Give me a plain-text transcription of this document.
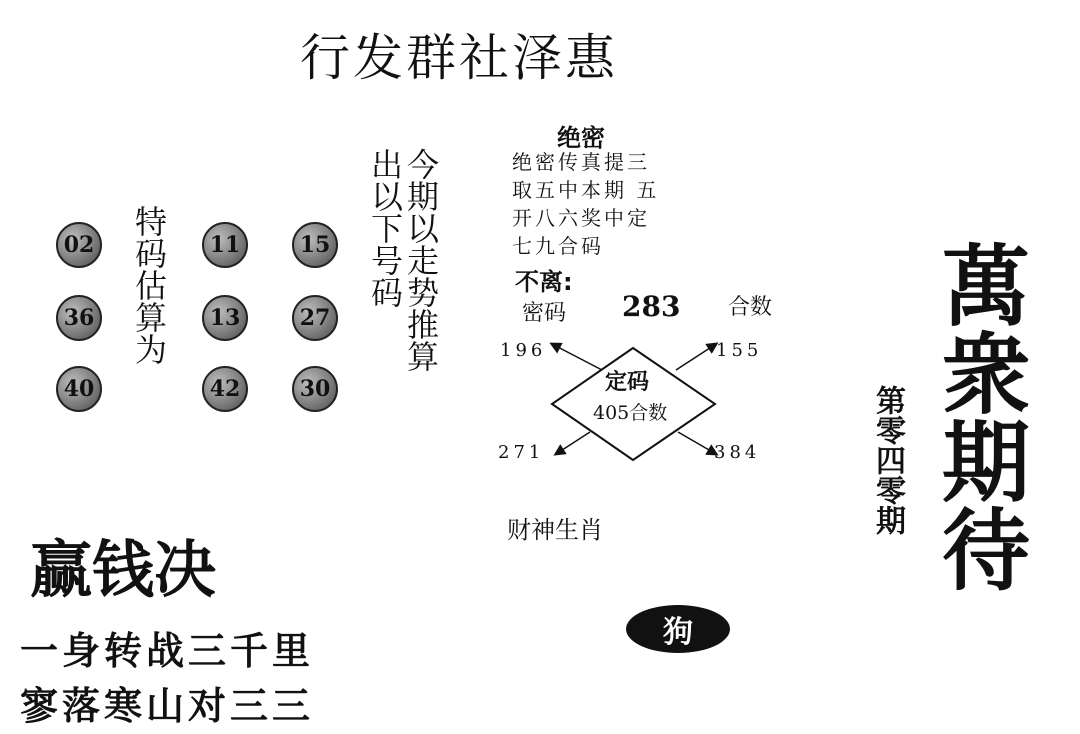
行发群社泽惠
02	11	15
36	13	27
40	42	30
特码估算为	今期以走势推算
出以下号码
绝密
绝密传真提三
取五中本期 五
开八六奖中定
七九合码
不离:
密码 283 合数
196	155
271	384
定码
405合数
财神生肖
狗
萬衆期待
第零四零期
赢钱决
一身转战三千里
寥落寒山对三三
